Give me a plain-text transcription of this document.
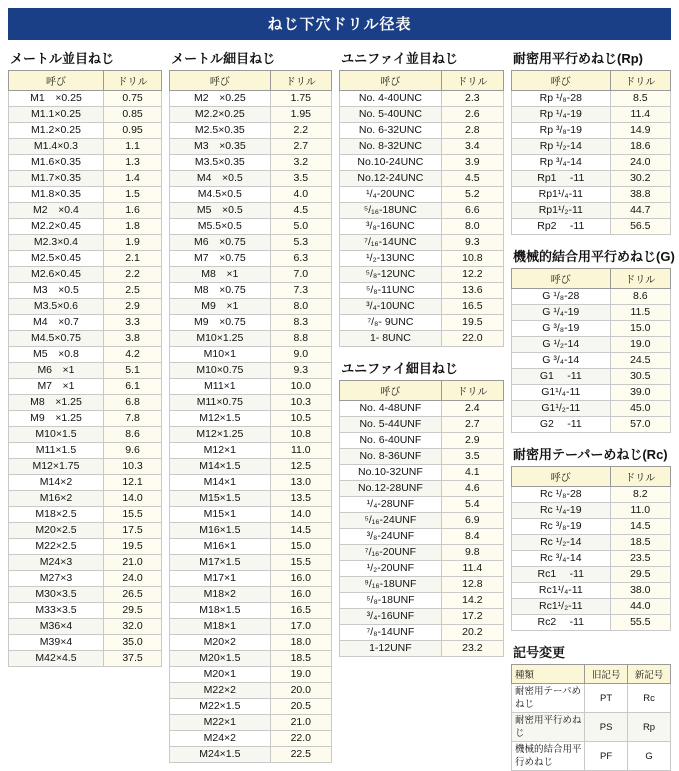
ねじ下穴ドリル径表
メートル並目ねじ
呼び	ドリル
M1　×0.25	0.75
M1.1×0.25	0.85
M1.2×0.25	0.95
M1.4×0.3	1.1
M1.6×0.35	1.3
M1.7×0.35	1.4
M1.8×0.35	1.5
M2　×0.4	1.6
M2.2×0.45	1.8
M2.3×0.4	1.9
M2.5×0.45	2.1
M2.6×0.45	2.2
M3　×0.5	2.5
M3.5×0.6	2.9
M4　×0.7	3.3
M4.5×0.75	3.8
M5　×0.8	4.2
M6　×1	5.1
M7　×1	6.1
M8　×1.25	6.8
M9　×1.25	7.8
M10×1.5	8.6
M11×1.5	9.6
M12×1.75	10.3
M14×2	12.1
M16×2	14.0
M18×2.5	15.5
M20×2.5	17.5
M22×2.5	19.5
M24×3	21.0
M27×3	24.0
M30×3.5	26.5
M33×3.5	29.5
M36×4	32.0
M39×4	35.0
M42×4.5	37.5
メートル細目ねじ
呼び	ドリル
M2　×0.25	1.75
M2.2×0.25	1.95
M2.5×0.35	2.2
M3　×0.35	2.7
M3.5×0.35	3.2
M4　×0.5	3.5
M4.5×0.5	4.0
M5　×0.5	4.5
M5.5×0.5	5.0
M6　×0.75	5.3
M7　×0.75	6.3
M8　×1	7.0
M8　×0.75	7.3
M9　×1	8.0
M9　×0.75	8.3
M10×1.25	8.8
M10×1	9.0
M10×0.75	9.3
M11×1	10.0
M11×0.75	10.3
M12×1.5	10.5
M12×1.25	10.8
M12×1	11.0
M14×1.5	12.5
M14×1	13.0
M15×1.5	13.5
M15×1	14.0
M16×1.5	14.5
M16×1	15.0
M17×1.5	15.5
M17×1	16.0
M18×2	16.0
M18×1.5	16.5
M18×1	17.0
M20×2	18.0
M20×1.5	18.5
M20×1	19.0
M22×2	20.0
M22×1.5	20.5
M22×1	21.0
M24×2	22.0
M24×1.5	22.5
ユニファイ並目ねじ
呼び	ドリル
No. 4-40UNC	2.3
No. 5-40UNC	2.6
No. 6-32UNC	2.8
No. 8-32UNC	3.4
No.10-24UNC	3.9
No.12-24UNC	4.5
¹/₄-20UNC	5.2
⁵/₁₆-18UNC	6.6
³/₈-16UNC	8.0
⁷/₁₆-14UNC	9.3
¹/₂-13UNC	10.8
⁵/₈-12UNC	12.2
⁵/₈-11UNC	13.6
³/₄-10UNC	16.5
⁷/₈- 9UNC	19.5
1- 8UNC	22.0
ユニファイ細目ねじ
呼び	ドリル
No. 4-48UNF	2.4
No. 5-44UNF	2.7
No. 6-40UNF	2.9
No. 8-36UNF	3.5
No.10-32UNF	4.1
No.12-28UNF	4.6
¹/₄-28UNF	5.4
⁵/₁₆-24UNF	6.9
³/₈-24UNF	8.4
⁷/₁₆-20UNF	9.8
¹/₂-20UNF	11.4
⁹/₁₆-18UNF	12.8
⁵/₈-18UNF	14.2
³/₄-16UNF	17.2
⁷/₈-14UNF	20.2
1-12UNF	23.2
耐密用平行めねじ(Rp)
呼び	ドリル
Rp ¹/₈-28	8.5
Rp ¹/₄-19	11.4
Rp ³/₈-19	14.9
Rp ¹/₂-14	18.6
Rp ³/₄-14	24.0
Rp1　 -11	30.2
Rp1¹/₄-11	38.8
Rp1¹/₂-11	44.7
Rp2　 -11	56.5
機械的結合用平行めねじ(G)
呼び	ドリル
G ¹/₈-28	8.6
G ¹/₄-19	11.5
G ³/₈-19	15.0
G ¹/₂-14	19.0
G ³/₄-14	24.5
G1　 -11	30.5
G1¹/₄-11	39.0
G1¹/₂-11	45.0
G2　 -11	57.0
耐密用テーパーめねじ(Rc)
呼び	ドリル
Rc ¹/₈-28	8.2
Rc ¹/₄-19	11.0
Rc ³/₈-19	14.5
Rc ¹/₂-14	18.5
Rc ³/₄-14	23.5
Rc1　 -11	29.5
Rc1¹/₄-11	38.0
Rc1¹/₂-11	44.0
Rc2　 -11	55.5
記号変更
種類	旧記号	新記号
耐密用テーパめねじ	PT	Rc
耐密用平行めねじ	PS	Rp
機械的結合用平行めねじ	PF	G
